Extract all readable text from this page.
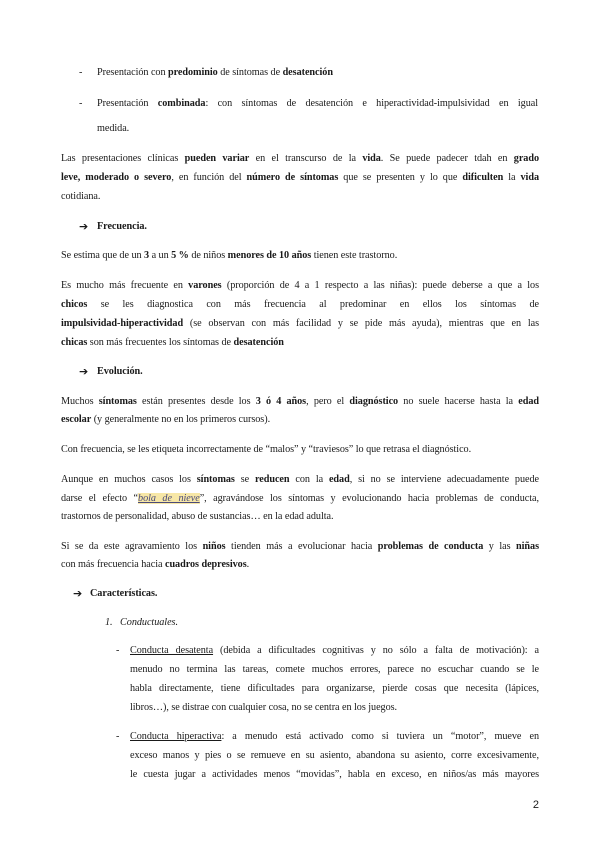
- Presentación con predominio de síntomas de desatención

- Presentación combinada: con síntomas de desatención e hiperactividad-impulsividad en igual

medida.

Las presentaciones clínicas pueden variar en el transcurso de la vida. Se puede padecer tdah en grado

leve, moderado o severo, en función del número de síntomas que se presenten y lo que dificulten la vida

cotidiana.

➔ Frecuencia.

Se estima que de un 3 a un 5 % de niños menores de 10 años tienen este trastorno.

Es mucho más frecuente en varones (proporción de 4 a 1 respecto a las niñas): puede deberse a que a los

chicos se les diagnostica con más frecuencia al predominar en ellos los síntomas de

impulsividad-hiperactividad (se observan con más facilidad y se pide más ayuda), mientras que en las

chicas son más frecuentes los síntomas de desatención

➔ Evolución.

Muchos síntomas están presentes desde los 3 ó 4 años, pero el diagnóstico no suele hacerse hasta la edad

escolar (y generalmente no en los primeros cursos).

Con frecuencia, se les etiqueta incorrectamente de “malos” y “traviesos” lo que retrasa el diagnóstico.

Aunque en muchos casos los síntomas se reducen con la edad, si no se interviene adecuadamente puede

darse el efecto “bola de nieve”, agravándose los síntomas y evolucionando hacia problemas de conducta,

trastornos de personalidad, abuso de sustancias… en la edad adulta.

Si se da este agravamiento los niños tienden más a evolucionar hacia problemas de conducta y las niñas

con más frecuencia hacia cuadros depresivos.

➔ Características.

1.   Conductuales.

- Conducta desatenta (debida a dificultades cognitivas y no sólo a falta de motivación): a

menudo no termina las tareas, comete muchos errores, parece no escuchar cuando se le

habla directamente, tiene dificultades para organizarse, pierde cosas que necesita (lápices,

libros…), se distrae con cualquier cosa, no se centra en los juegos.

- Conducta hiperactiva: a menudo está activado como si tuviera un “motor”, mueve en

exceso manos y pies o se remueve en su asiento, abandona su asiento, corre excesivamente,

le cuesta jugar a actividades menos “movidas”, habla en exceso, en niños/as más mayores

2
